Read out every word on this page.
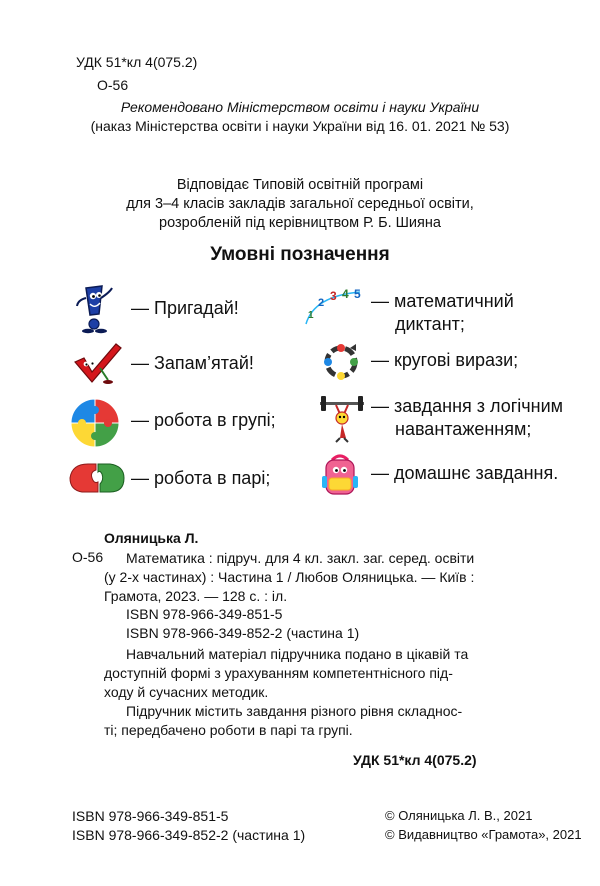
УДК 51*кл 4(075.2)
О-56
Рекомендовано Міністерством освіти і науки України
(наказ Міністерства освіти і науки України від 16. 01. 2021 № 53)
Відповідає Типовій освітній програмі
для 3–4 класів закладів загальної середньої освіти,
розробленій під керівництвом Р. Б. Шияна
Умовні позначення
— Пригадай!
— Запам’ятай!
— робота в групі;
— робота в парі;
1
2 3 4 5 — математичний
диктант;
— кругові вирази;
— завдання з логічним
навантаженням;
— домашнє завдання.
Оляницька Л.
О-56 Математика : підруч. для 4 кл. закл. заг. серед. освіти
(у 2-х частинах) : Частина 1 / Любов Оляницька. — Київ :
Грамота, 2023. — 128 с. : іл.
ISBN 978-966-349-851-5
ISBN 978-966-349-852-2 (частина 1)
Навчальний матеріал підручника подано в цікавій та
доступній формі з урахуванням компетентнісного під-
ходу й сучасних методик.
Підручник містить завдання різного рівня складнос-
ті; передбачено роботи в парі та групі.
УДК 51*кл 4(075.2)
ISBN 978-966-349-851-5
ISBN 978-966-349-852-2 (частина 1)
© Оляницька Л. В., 2021
© Видавництво «Грамота», 2021
